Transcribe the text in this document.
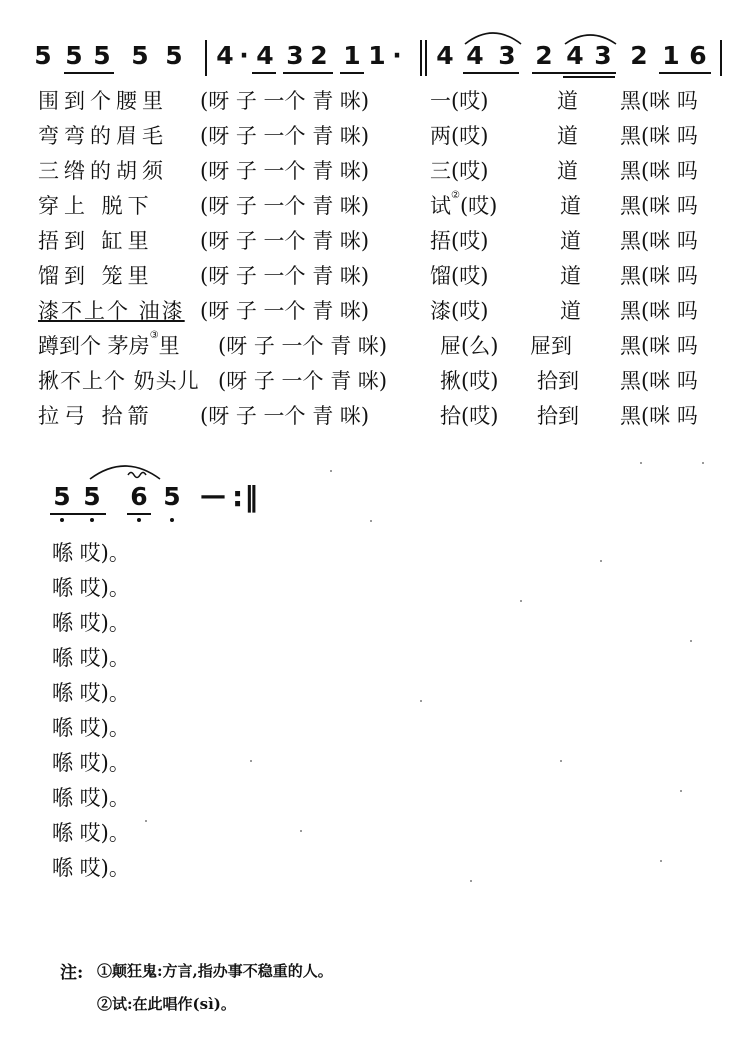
5 5 5 5 5 4 · 4 3 2 1 1 · 4 4 3 2 4 3 2 1 6
围到个腰里 (呀 子 一个 青 咪)	一(哎)	道 黑(咪 吗
弯弯的眉毛 (呀 子 一个 青 咪)	两(哎)	道 黑(咪 吗
三绺的胡须 (呀 子 一个 青 咪)	三(哎)	道 黑(咪 吗
穿上 脱下 (呀 子 一个 青 咪)	试②(哎)	道 黑(咪 吗
捂到 缸里 (呀 子 一个 青 咪)	捂(哎)	道 黑(咪 吗
馏到 笼里 (呀 子 一个 青 咪)	馏(哎)	道 黑(咪 吗
漆不上个 油漆 (呀 子 一个 青 咪)	漆(哎)	道 黑(咪 吗
蹲到个 茅房③里 (呀 子 一个 青 咪)	屉(么) 屉到 黑(咪 吗
揪不上个 奶头儿 (呀 子 一个 青 咪)	揪(哎) 拾到 黑(咪 吗
拉弓 拾箭 (呀 子 一个 青 咪)	拾(哎) 拾到 黑(咪 吗
5 5 6 5 — :‖
喺 哎)。
喺 哎)。
喺 哎)。
喺 哎)。
喺 哎)。
喺 哎)。
喺 哎)。
喺 哎)。
喺 哎)。
喺 哎)。
注: ①颠狂鬼:方言,指办事不稳重的人。
②试:在此唱作(sì)。
